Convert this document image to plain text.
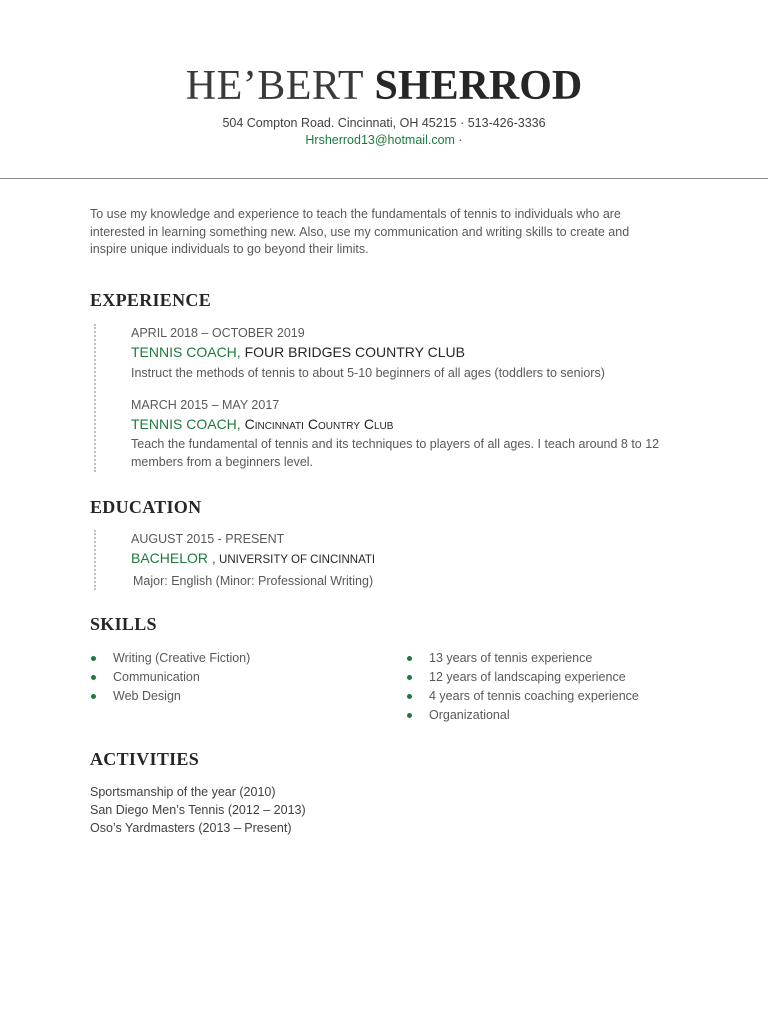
HE’BERT SHERROD
504 Compton Road. Cincinnati, OH 45215 · 513-426-3336
Hrsherrod13@hotmail.com ·
To use my knowledge and experience to teach the fundamentals of tennis to individuals who are interested in learning something new. Also, use my communication and writing skills to create and inspire unique individuals to go beyond their limits.
EXPERIENCE
APRIL 2018 – OCTOBER 2019
TENNIS COACH, FOUR BRIDGES COUNTRY CLUB
Instruct the methods of tennis to about 5-10 beginners of all ages (toddlers to seniors)
MARCH 2015 – MAY 2017
TENNIS COACH, Cincinnati Country Club
Teach the fundamental of tennis and its techniques to players of all ages. I teach around 8 to 12 members from a beginners level.
EDUCATION
AUGUST 2015 - PRESENT
BACHELOR , UNIVERSITY OF CINCINNATI
Major: English (Minor: Professional Writing)
SKILLS
Writing (Creative Fiction)
Communication
Web Design
13 years of tennis experience
12 years of landscaping experience
4 years of tennis coaching experience
Organizational
ACTIVITIES
Sportsmanship of the year (2010)
San Diego Men’s Tennis (2012 – 2013)
Oso’s Yardmasters (2013 – Present)
